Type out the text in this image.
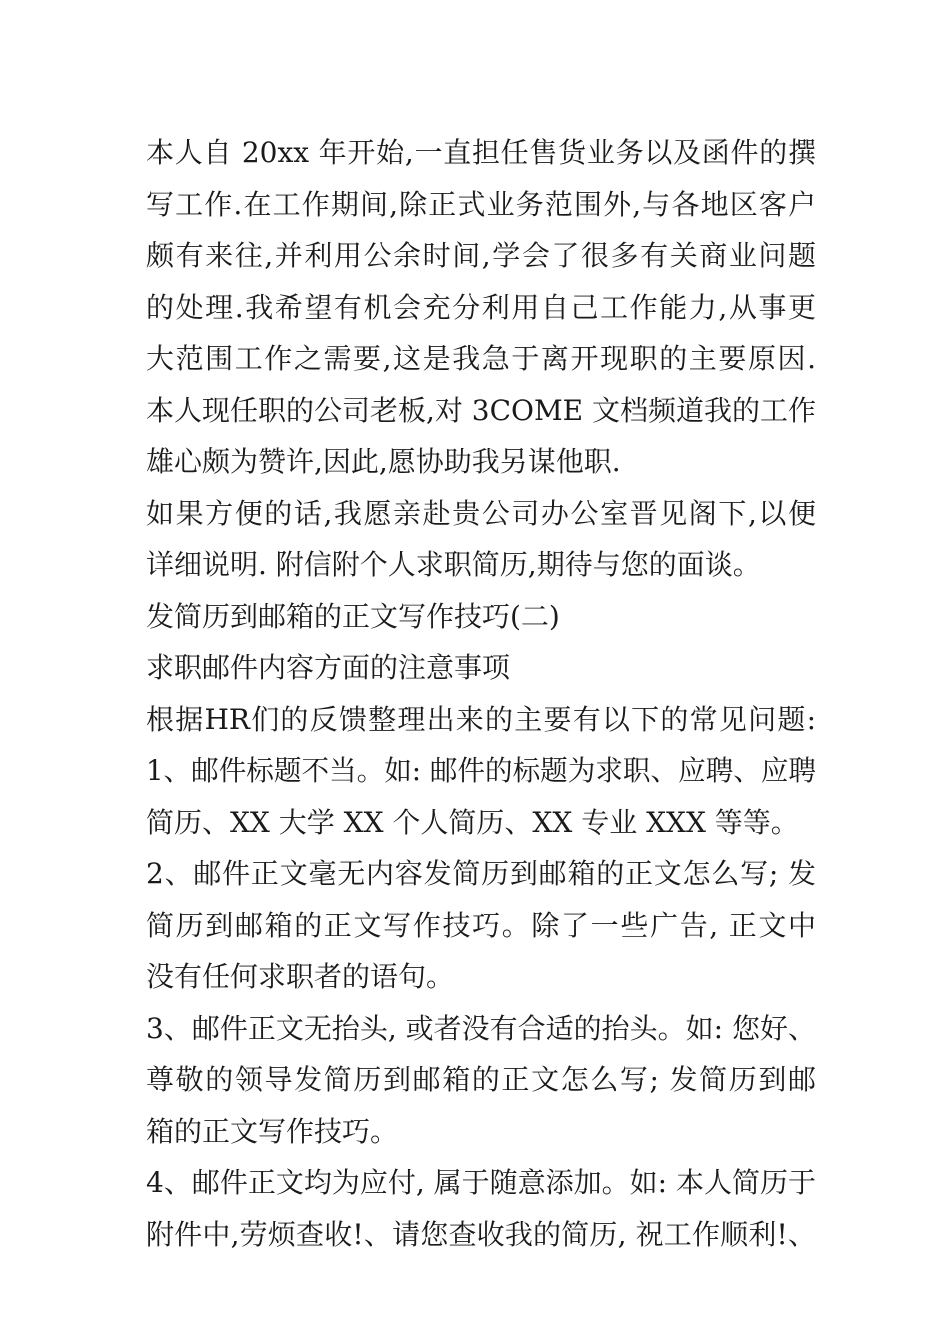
本人自 20xx 年开始,一直担任售货业务以及函件的撰
写工作.在工作期间,除正式业务范围外,与各地区客户
颇有来往,并利用公余时间,学会了很多有关商业问题
的处理.我希望有机会充分利用自己工作能力,从事更
大范围工作之需要,这是我急于离开现职的主要原因.
本人现任职的公司老板,对 3COME 文档频道我的工作
雄心颇为赞许,因此,愿协助我另谋他职.
如果方便的话,我愿亲赴贵公司办公室晋见阁下,以便
详细说明. 附信附个人求职简历,期待与您的面谈。
发简历到邮箱的正文写作技巧(二)
求职邮件内容方面的注意事项
根据HR们的反馈整理出来的主要有以下的常见问题:
1、邮件标题不当。如: 邮件的标题为求职、应聘、应聘
简历、XX 大学 XX 个人简历、XX 专业 XXX 等等。
2、邮件正文毫无内容发简历到邮箱的正文怎么写; 发
简历到邮箱的正文写作技巧。除了一些广告, 正文中
没有任何求职者的语句。
3、邮件正文无抬头, 或者没有合适的抬头。如: 您好、
尊敬的领导发简历到邮箱的正文怎么写; 发简历到邮
箱的正文写作技巧。
4、邮件正文均为应付, 属于随意添加。如: 本人简历于
附件中,劳烦查收!、请您查收我的简历, 祝工作顺利!、
